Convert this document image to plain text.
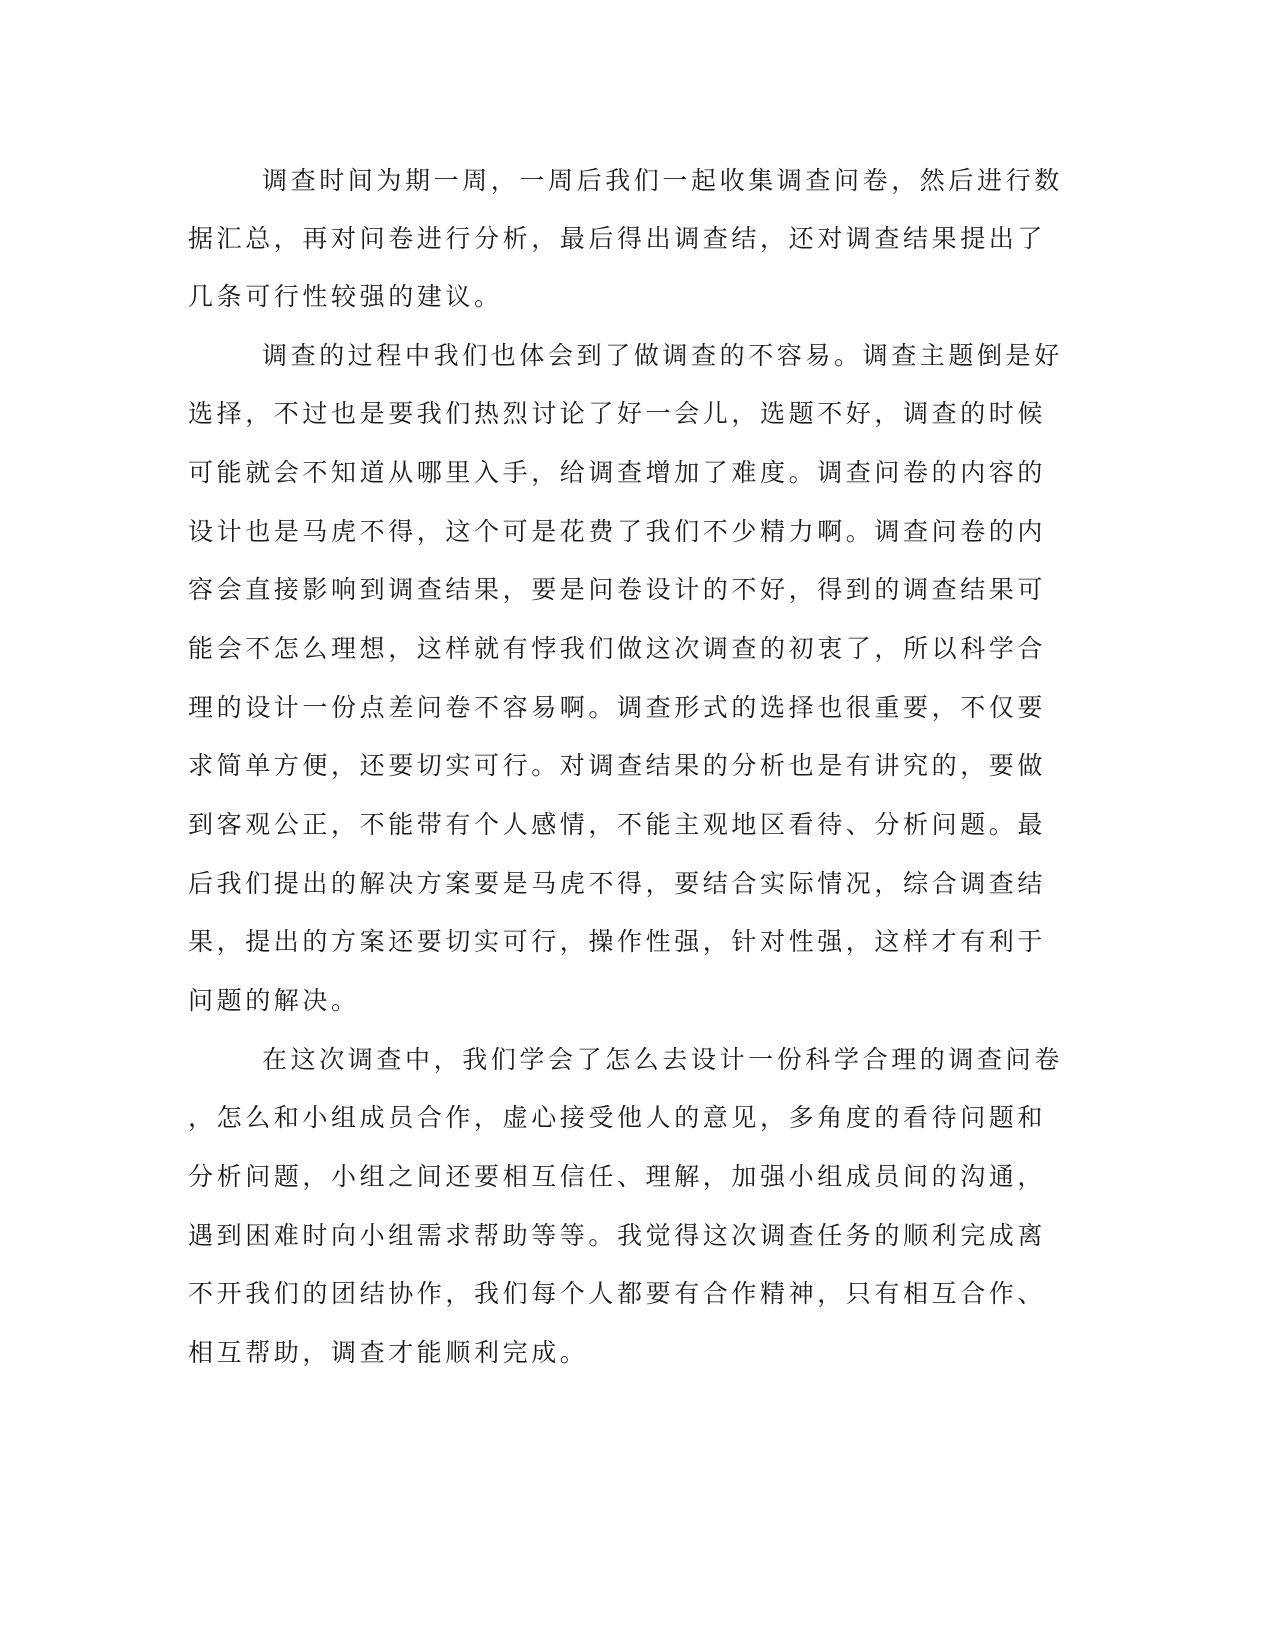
调查时间为期一周，一周后我们一起收集调查问卷，然后进行数

据汇总，再对问卷进行分析，最后得出调查结，还对调查结果提出了

几条可行性较强的建议。

调查的过程中我们也体会到了做调查的不容易。调查主题倒是好

选择，不过也是要我们热烈讨论了好一会儿，选题不好，调查的时候

可能就会不知道从哪里入手，给调查增加了难度。调查问卷的内容的

设计也是马虎不得，这个可是花费了我们不少精力啊。调查问卷的内

容会直接影响到调查结果，要是问卷设计的不好，得到的调查结果可

能会不怎么理想，这样就有悖我们做这次调查的初衷了，所以科学合

理的设计一份点差问卷不容易啊。调查形式的选择也很重要，不仅要

求简单方便，还要切实可行。对调查结果的分析也是有讲究的，要做

到客观公正，不能带有个人感情，不能主观地区看待、分析问题。最

后我们提出的解决方案要是马虎不得，要结合实际情况，综合调查结

果，提出的方案还要切实可行，操作性强，针对性强，这样才有利于

问题的解决。

在这次调查中，我们学会了怎么去设计一份科学合理的调查问卷

，怎么和小组成员合作，虚心接受他人的意见，多角度的看待问题和

分析问题，小组之间还要相互信任、理解，加强小组成员间的沟通，

遇到困难时向小组需求帮助等等。我觉得这次调查任务的顺利完成离

不开我们的团结协作，我们每个人都要有合作精神，只有相互合作、

相互帮助，调查才能顺利完成。
